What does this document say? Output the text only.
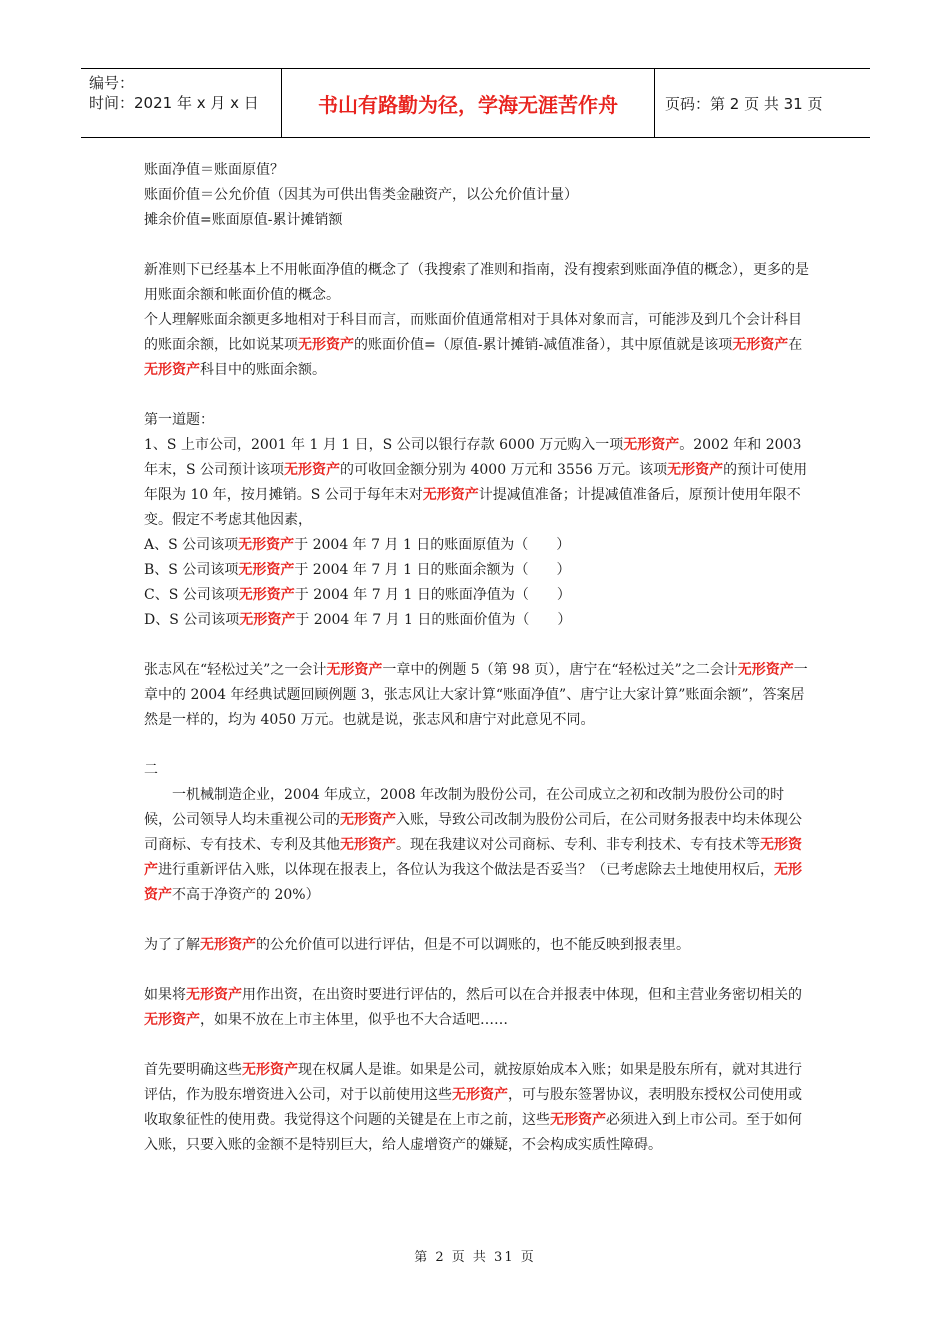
编号：
时间：2021 年 x 月 x 日	书山有路勤为径，学海无涯苦作舟	页码：第 2 页 共 31 页

账面净值＝账面原值？

账面价值＝公允价值（因其为可供出售类金融资产，以公允价值计量）

摊余价值=账面原值-累计摊销额

新准则下已经基本上不用帐面净值的概念了（我搜索了准则和指南，没有搜索到账面净值的概念），更多的是用账面余额和帐面价值的概念。

个人理解账面余额更多地相对于科目而言，而账面价值通常相对于具体对象而言，可能涉及到几个会计科目的账面余额，比如说某项无形资产的账面价值=（原值-累计摊销-减值准备），其中原值就是该项无形资产在无形资产科目中的账面余额。

第一道题：

1、S 上市公司，2001 年 1 月 1 日，S 公司以银行存款 6000 万元购入一项无形资产。2002 年和 2003 年末，S 公司预计该项无形资产的可收回金额分别为 4000 万元和 3556 万元。该项无形资产的预计可使用年限为 10 年，按月摊销。S 公司于每年末对无形资产计提减值准备；计提减值准备后，原预计使用年限不变。假定不考虑其他因素，

A、S 公司该项无形资产于 2004 年 7 月 1 日的账面原值为（　　）

B、S 公司该项无形资产于 2004 年 7 月 1 日的账面余额为（　　）

C、S 公司该项无形资产于 2004 年 7 月 1 日的账面净值为（　　）

D、S 公司该项无形资产于 2004 年 7 月 1 日的账面价值为（　　）

张志风在“轻松过关”之一会计无形资产一章中的例题 5（第 98 页），唐宁在“轻松过关”之二会计无形资产一章中的 2004 年经典试题回顾例题 3，张志风让大家计算“账面净值”、唐宁让大家计算”账面余额”，答案居然是一样的，均为 4050 万元。也就是说，张志风和唐宁对此意见不同。

二

一机械制造企业，2004 年成立，2008 年改制为股份公司，在公司成立之初和改制为股份公司的时候，公司领导人均未重视公司的无形资产入账，导致公司改制为股份公司后，在公司财务报表中均未体现公司商标、专有技术、专利及其他无形资产。现在我建议对公司商标、专利、非专利技术、专有技术等无形资产进行重新评估入账，以体现在报表上，各位认为我这个做法是否妥当？（已考虑除去土地使用权后，无形资产不高于净资产的 20%）

为了了解无形资产的公允价值可以进行评估，但是不可以调账的，也不能反映到报表里。

如果将无形资产用作出资，在出资时要进行评估的，然后可以在合并报表中体现，但和主营业务密切相关的无形资产，如果不放在上市主体里，似乎也不大合适吧……

首先要明确这些无形资产现在权属人是谁。如果是公司，就按原始成本入账；如果是股东所有，就对其进行评估，作为股东增资进入公司，对于以前使用这些无形资产，可与股东签署协议，表明股东授权公司使用或收取象征性的使用费。我觉得这个问题的关键是在上市之前，这些无形资产必须进入到上市公司。至于如何入账，只要入账的金额不是特别巨大，给人虚增资产的嫌疑，不会构成实质性障碍。

第 2 页 共 31 页
